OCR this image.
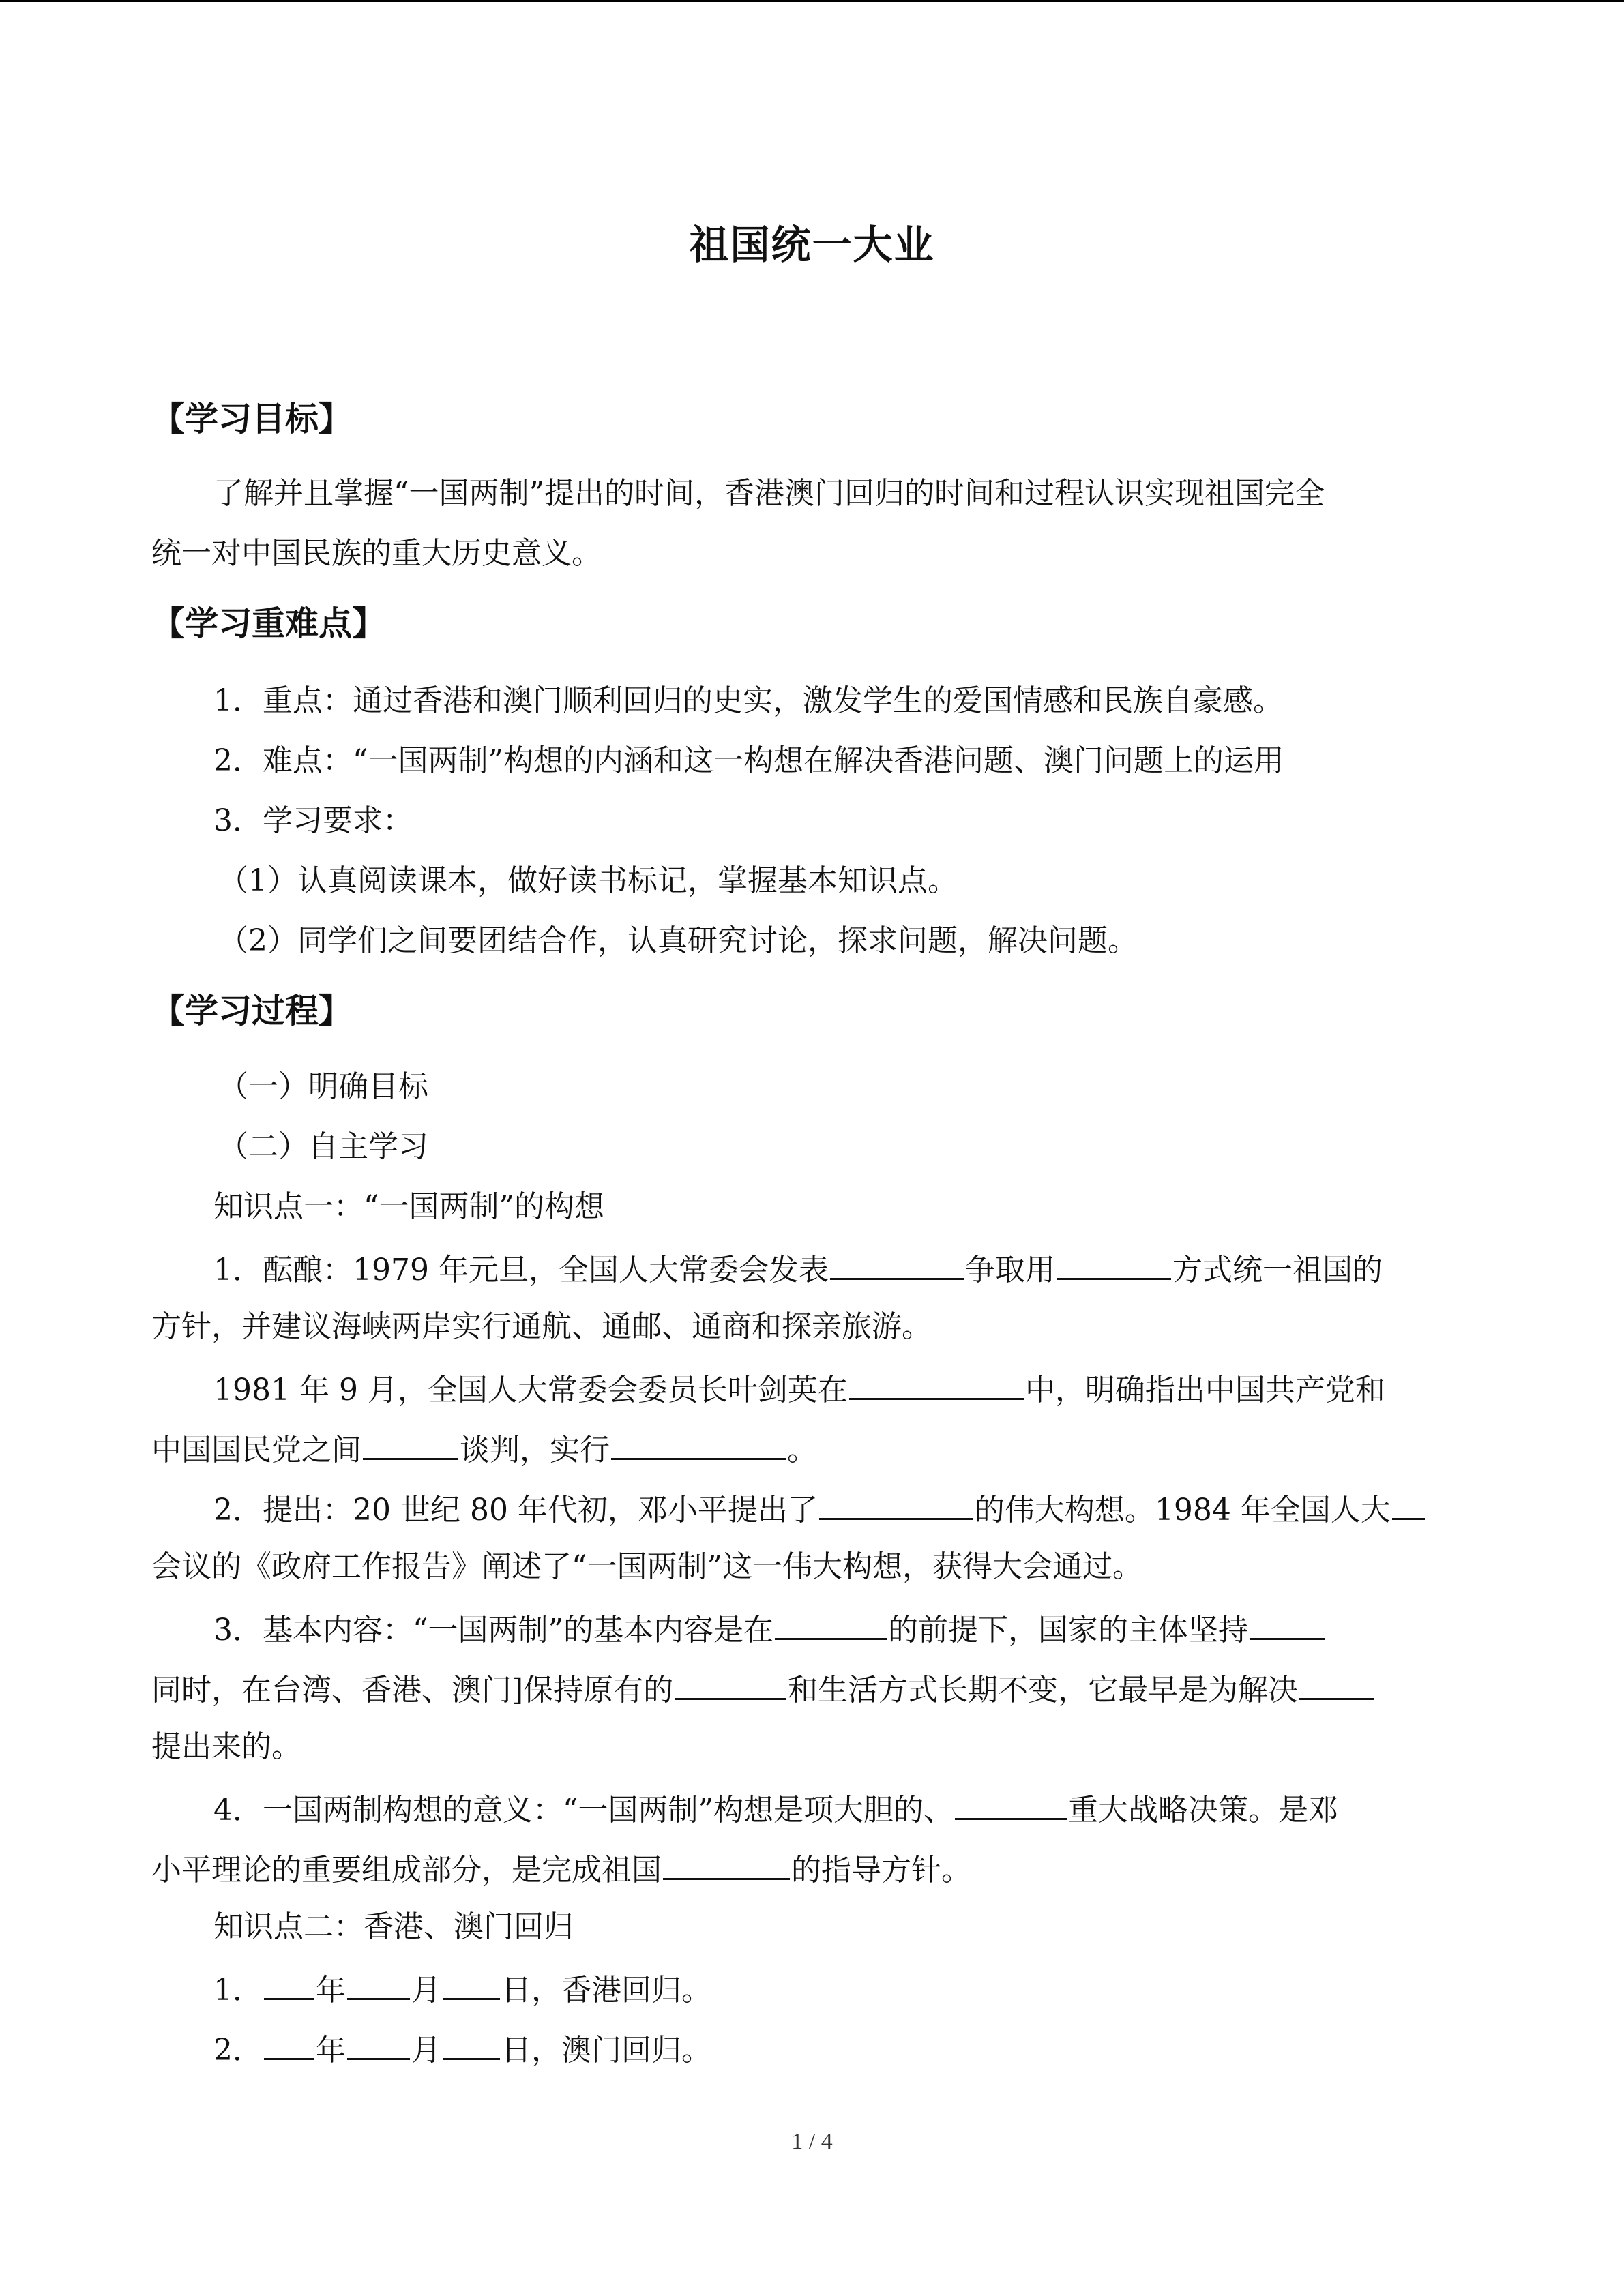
祖国统一大业
【学习目标】
了解并且掌握“一国两制”提出的时间，香港澳门回归的时间和过程认识实现祖国完全
统一对中国民族的重大历史意义。
【学习重难点】
1．重点：通过香港和澳门顺利回归的史实，激发学生的爱国情感和民族自豪感。
2．难点：“一国两制”构想的内涵和这一构想在解决香港问题、澳门问题上的运用
3．学习要求：
（1）认真阅读课本，做好读书标记，掌握基本知识点。
（2）同学们之间要团结合作，认真研究讨论，探求问题，解决问题。
【学习过程】
（一）明确目标
（二）自主学习
知识点一：“一国两制”的构想
1．酝酿：1979 年元旦，全国人大常委会发表	争取用	方式统一祖国的
方针，并建议海峡两岸实行通航、通邮、通商和探亲旅游。
1981 年 9 月，全国人大常委会委员长叶剑英在	中，明确指出中国共产党和
中国国民党之间	谈判，实行	。
2．提出：20 世纪 80 年代初，邓小平提出了	的伟大构想。1984 年全国人大
会议的《政府工作报告》阐述了“一国两制”这一伟大构想，获得大会通过。
3．基本内容：“一国两制”的基本内容是在	的前提下，国家的主体坚持
同时，在台湾、香港、澳门]保持原有的	和生活方式长期不变，它最早是为解决
提出来的。
4．一国两制构想的意义：“一国两制”构想是项大胆的、	重大战略决策。是邓
小平理论的重要组成部分，是完成祖国	的指导方针。
知识点二：香港、澳门回归
1． 年 月 日，香港回归。
2． 年 月 日，澳门回归。
1 / 4
